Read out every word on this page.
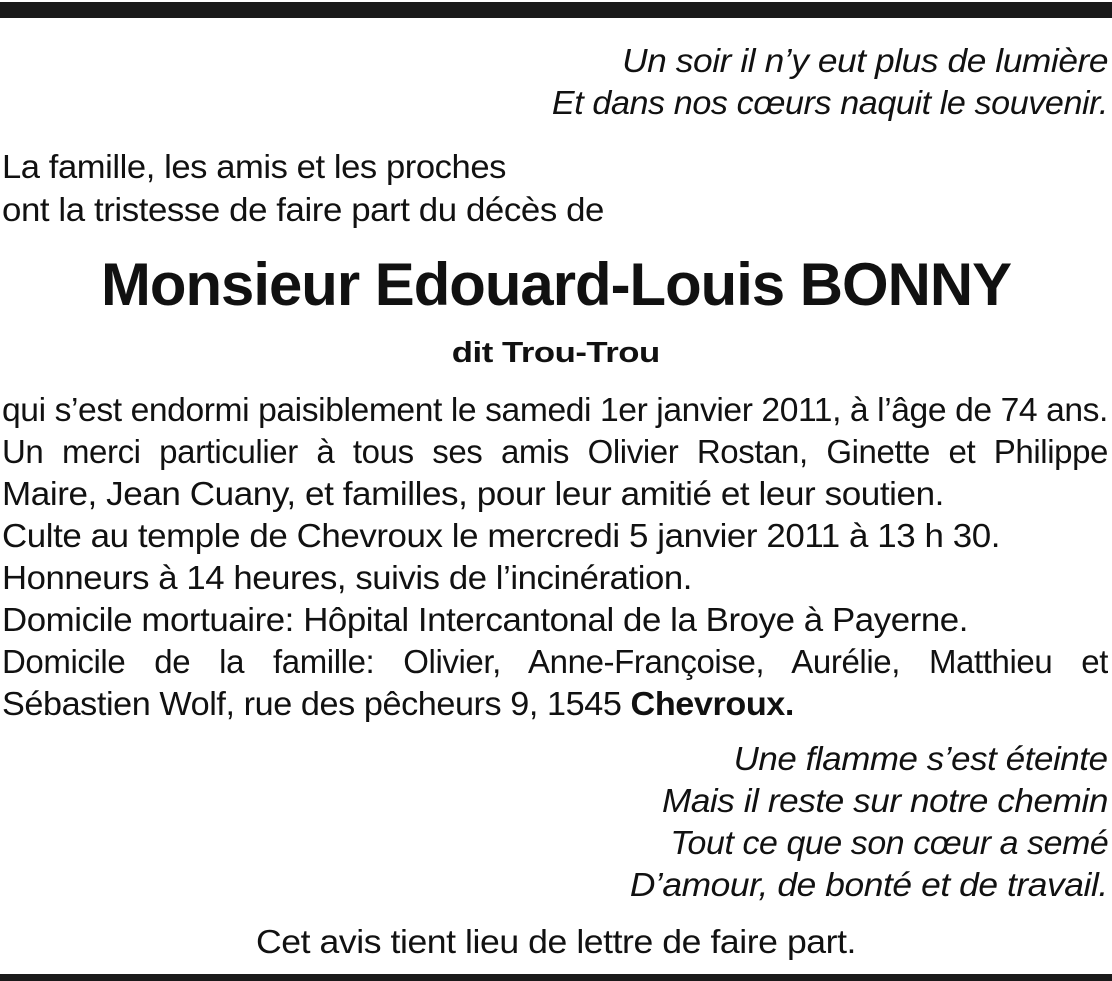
Un soir il n’y eut plus de lumière
Et dans nos cœurs naquit le souvenir.
La famille, les amis et les proches
ont la tristesse de faire part du décès de
Monsieur Edouard-Louis BONNY
dit Trou-Trou
qui s’est endormi paisiblement le samedi 1er janvier 2011, à l’âge de 74 ans.
Un merci particulier à tous ses amis Olivier Rostan, Ginette et Philippe
Maire, Jean Cuany, et familles, pour leur amitié et leur soutien.
Culte au temple de Chevroux le mercredi 5 janvier 2011 à 13 h 30.
Honneurs à 14 heures, suivis de l’incinération.
Domicile mortuaire: Hôpital Intercantonal de la Broye à Payerne.
Domicile de la famille: Olivier, Anne-Françoise, Aurélie, Matthieu et
Sébastien Wolf, rue des pêcheurs 9, 1545 Chevroux.
Une flamme s’est éteinte
Mais il reste sur notre chemin
Tout ce que son cœur a semé
D’amour, de bonté et de travail.
Cet avis tient lieu de lettre de faire part.
